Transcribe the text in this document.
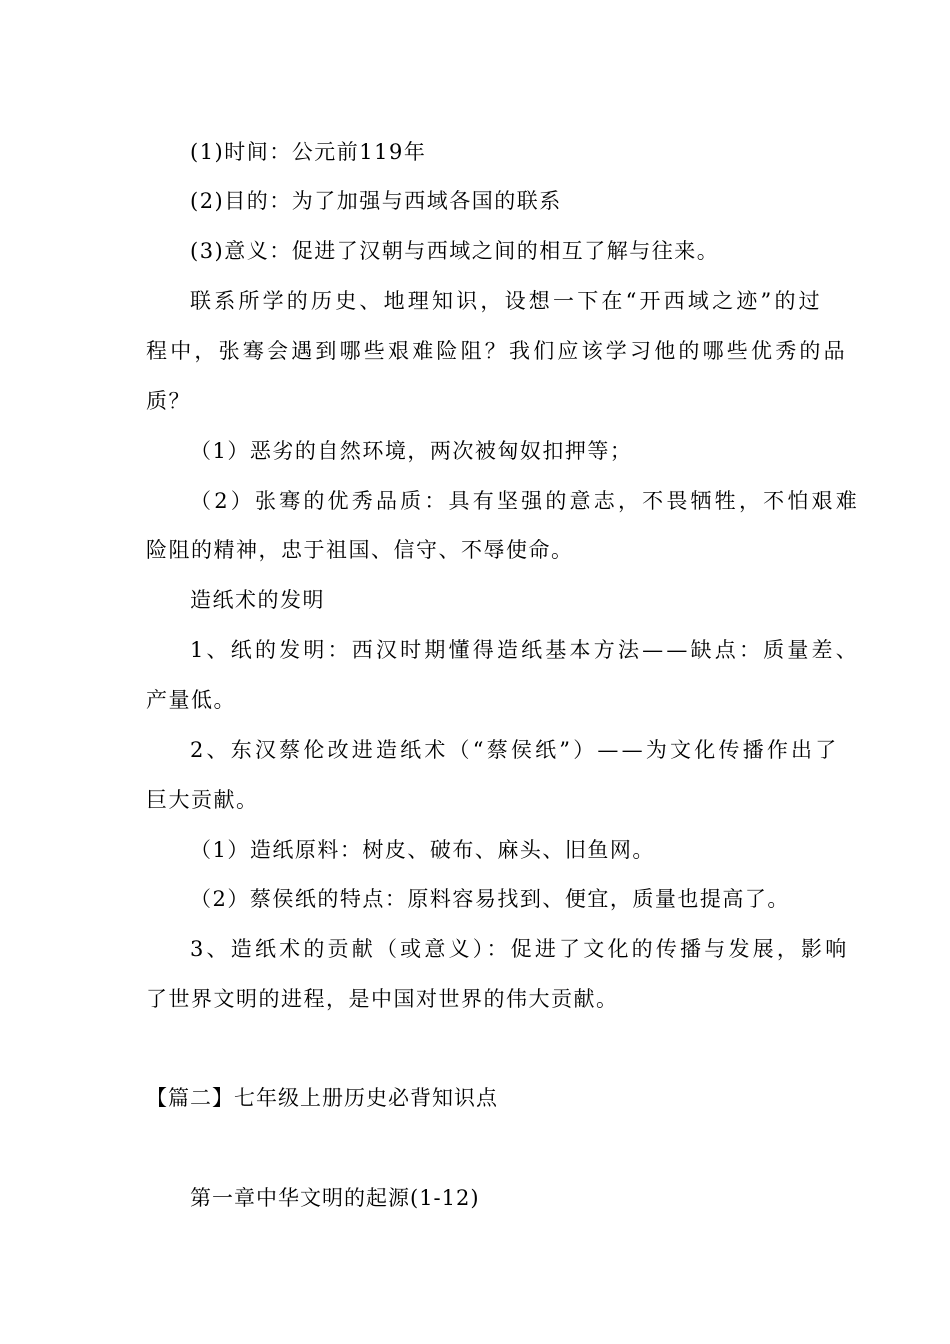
(1)时间：公元前119年
(2)目的：为了加强与西域各国的联系
(3)意义：促进了汉朝与西域之间的相互了解与往来。
联系所学的历史、地理知识，设想一下在“开西域之迹”的过
程中，张骞会遇到哪些艰难险阻？我们应该学习他的哪些优秀的品
质？
（1）恶劣的自然环境，两次被匈奴扣押等；
（2）张骞的优秀品质：具有坚强的意志，不畏牺牲，不怕艰难
险阻的精神，忠于祖国、信守、不辱使命。
造纸术的发明
1、纸的发明：西汉时期懂得造纸基本方法——缺点：质量差、
产量低。
2、东汉蔡伦改进造纸术（“蔡侯纸”）——为文化传播作出了
巨大贡献。
（1）造纸原料：树皮、破布、麻头、旧鱼网。
（2）蔡侯纸的特点：原料容易找到、便宜，质量也提高了。
3、造纸术的贡献（或意义）：促进了文化的传播与发展，影响
了世界文明的进程，是中国对世界的伟大贡献。
【篇二】七年级上册历史必背知识点
第一章中华文明的起源(1-12)
